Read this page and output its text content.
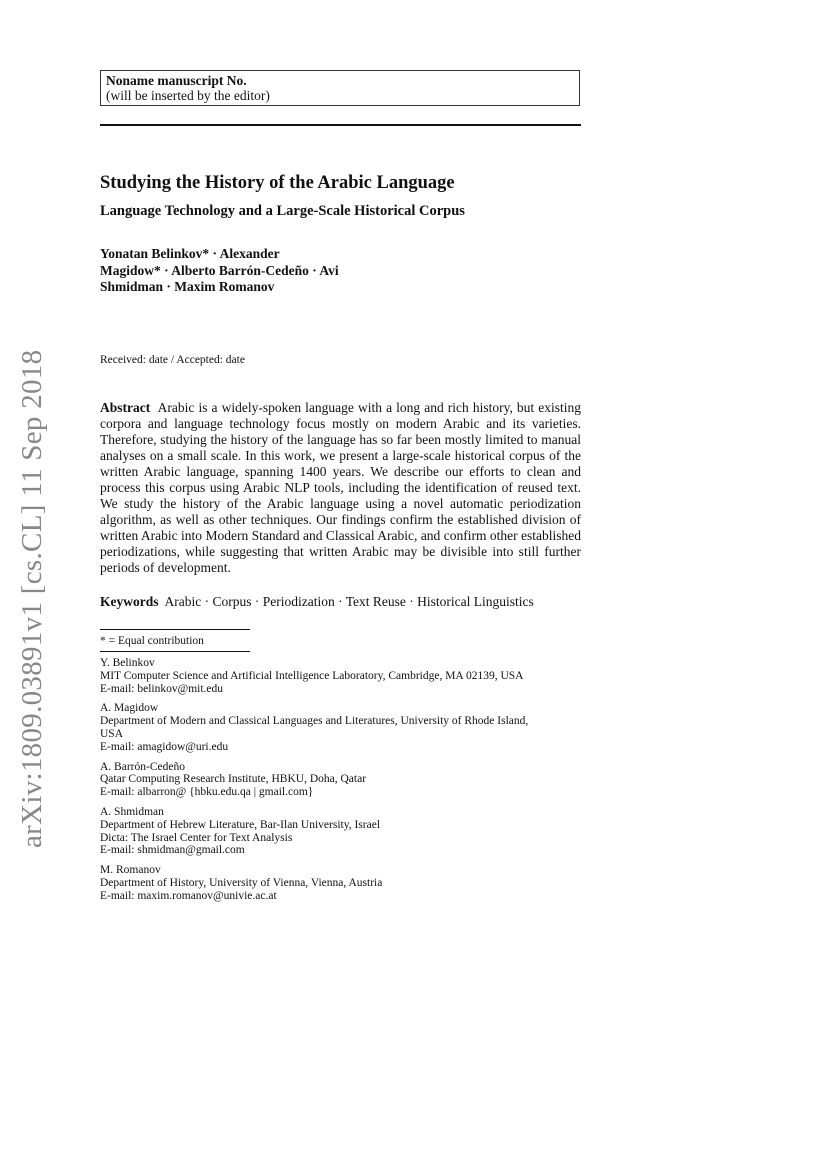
arXiv:1809.03891v1 [cs.CL] 11 Sep 2018
Noname manuscript No.
(will be inserted by the editor)
Studying the History of the Arabic Language
Language Technology and a Large-Scale Historical Corpus
Yonatan Belinkov* · Alexander
Magidow* · Alberto Barrón-Cedeño · Avi
Shmidman · Maxim Romanov
Received: date / Accepted: date
Abstract Arabic is a widely-spoken language with a long and rich history, but existing corpora and language technology focus mostly on modern Arabic and its varieties. Therefore, studying the history of the language has so far been mostly limited to manual analyses on a small scale. In this work, we present a large-scale historical corpus of the written Arabic language, spanning 1400 years. We describe our efforts to clean and process this corpus using Arabic NLP tools, including the identification of reused text. We study the history of the Arabic language using a novel automatic periodization algorithm, as well as other techniques. Our findings confirm the established division of written Arabic into Modern Standard and Classical Arabic, and confirm other established periodizations, while suggesting that written Arabic may be divisible into still further periods of development.
Keywords Arabic · Corpus · Periodization · Text Reuse · Historical Linguistics
* = Equal contribution
Y. Belinkov
MIT Computer Science and Artificial Intelligence Laboratory, Cambridge, MA 02139, USA
E-mail: belinkov@mit.edu
A. Magidow
Department of Modern and Classical Languages and Literatures, University of Rhode Island,
USA
E-mail: amagidow@uri.edu
A. Barrón-Cedeño
Qatar Computing Research Institute, HBKU, Doha, Qatar
E-mail: albarron@ {hbku.edu.qa | gmail.com}
A. Shmidman
Department of Hebrew Literature, Bar-Ilan University, Israel
Dicta: The Israel Center for Text Analysis
E-mail: shmidman@gmail.com
M. Romanov
Department of History, University of Vienna, Vienna, Austria
E-mail: maxim.romanov@univie.ac.at
